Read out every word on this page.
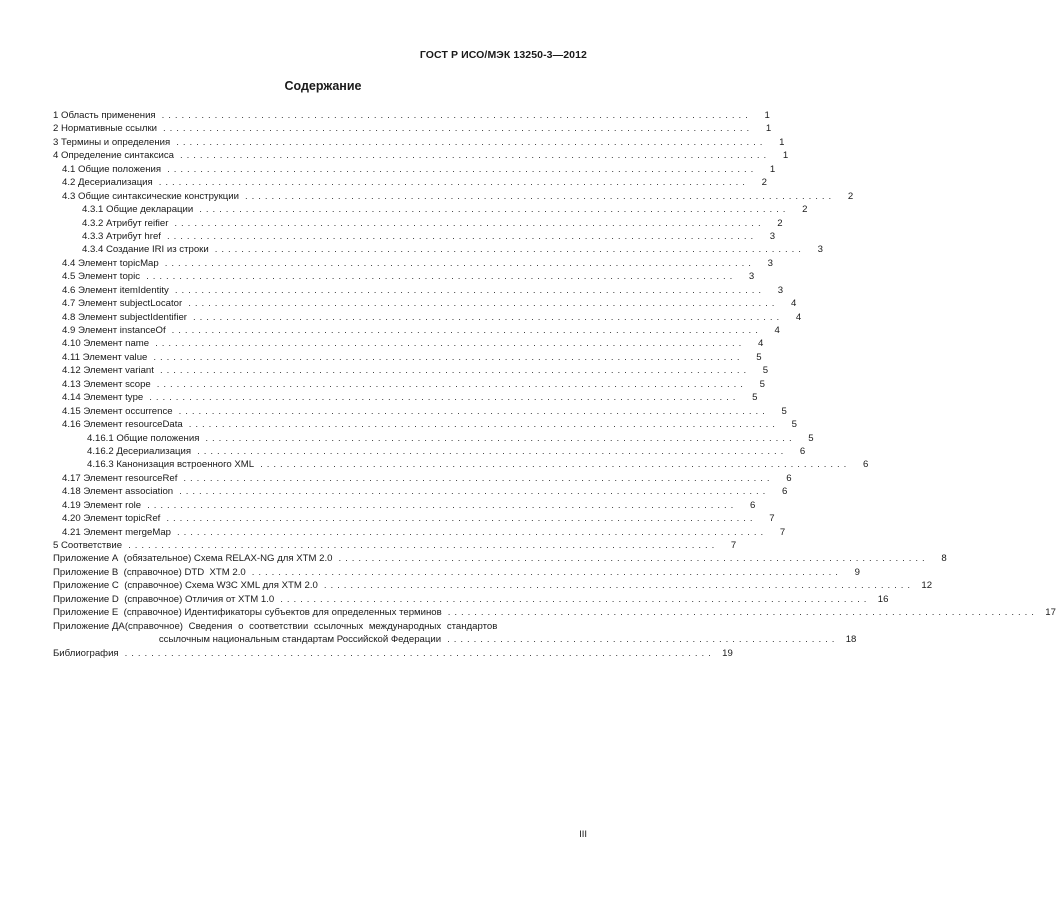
ГОСТ Р ИСО/МЭК 13250-3—2012
Содержание
1 Область применения . . .	1
2 Нормативные ссылки . . .	1
3 Термины и определения . . .	1
4 Определение синтаксиса . . .	1
4.1 Общие положения . . .	1
4.2 Десериализация . . .	2
4.3 Общие синтаксические конструкции . . .	2
4.3.1 Общие декларации . . .	2
4.3.2 Атрибут reifier . . .	2
4.3.3 Атрибут href . . .	3
4.3.4 Создание IRI из строки . . .	3
4.4 Элемент topicMap . . .	3
4.5 Элемент topic . . .	3
4.6 Элемент itemIdentity . . .	3
4.7 Элемент subjectLocator . . .	4
4.8 Элемент subjectIdentifier . . .	4
4.9 Элемент instanceOf . . .	4
4.10 Элемент name . . .	4
4.11 Элемент value . . .	5
4.12 Элемент variant . . .	5
4.13 Элемент scope . . .	5
4.14 Элемент type . . .	5
4.15 Элемент occurrence . . .	5
4.16 Элемент resourceData . . .	5
4.16.1 Общие положения . . .	5
4.16.2 Десериализация . . .	6
4.16.3 Канонизация встроенного XML . . .	6
4.17 Элемент resourceRef . . .	6
4.18 Элемент association . . .	6
4.19 Элемент role . . .	6
4.20 Элемент topicRef . . .	7
4.21 Элемент mergeMap . . .	7
5 Соответствие . . .	7
Приложение А  (обязательное) Схема RELAX-NG для XTM 2.0 . . .	8
Приложение В  (справочное) DTD  XTM 2.0 . . .	9
Приложение С  (справочное) Схема W3C XML для XTM 2.0 . . .	12
Приложение D  (справочное) Отличия от XTM 1.0 . . .	16
Приложение Е  (справочное) Идентификаторы субъектов для определенных терминов . . .	17
Приложение ДА (справочное) Сведения о соответствии ссылочных международных стандартов
ссылочным национальным стандартам Российской Федерации . . .	18
Библиография . . .	19
III
